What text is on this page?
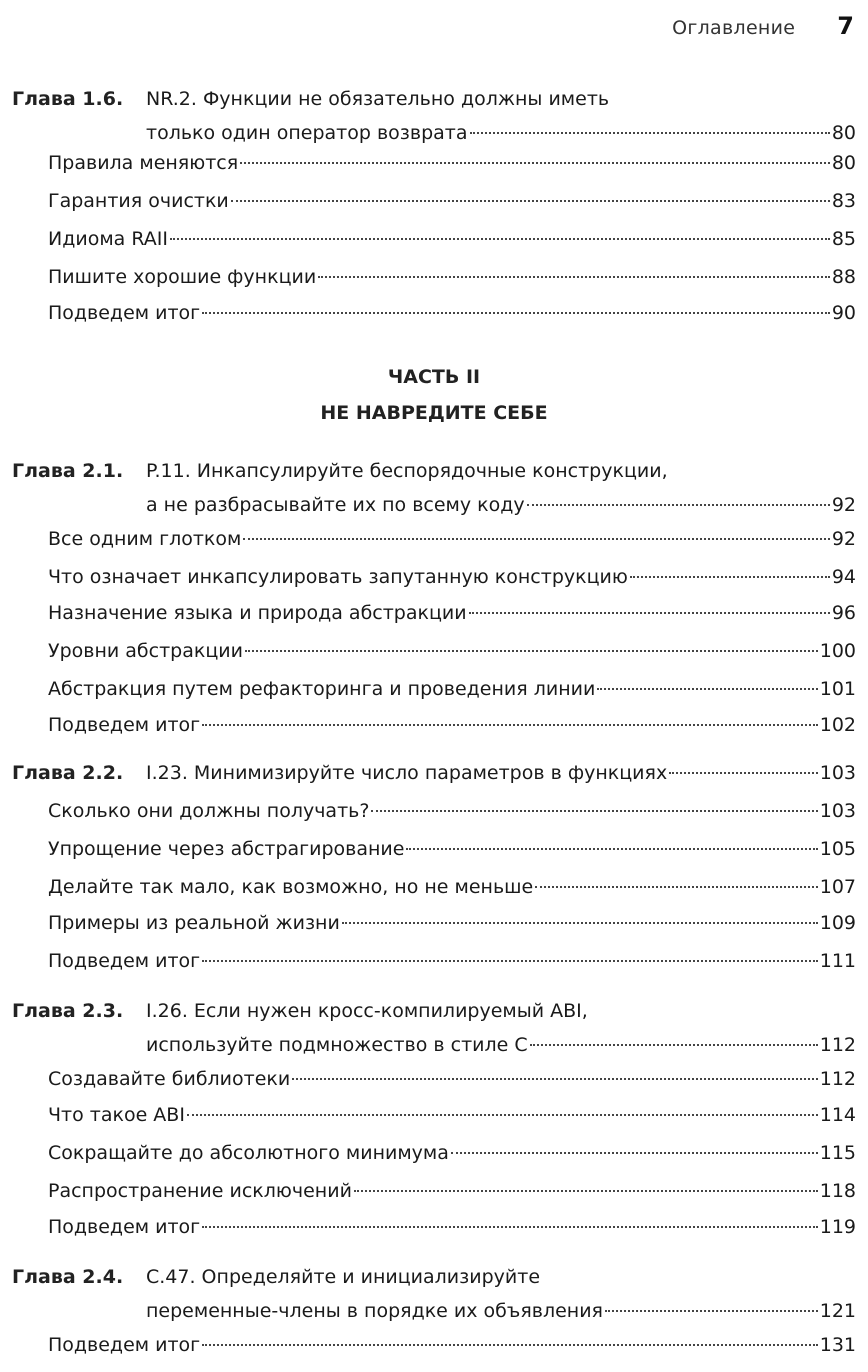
Оглавление 7
Глава 1.6.	NR.2. Функции не обязательно должны иметь
только один оператор возврата	80
Правила меняются	80
Гарантия очистки	83
Идиома RAII	85
Пишите хорошие функции	88
Подведем итог	90
ЧАСТЬ II
НЕ НАВРЕДИТЕ СЕБЕ
Глава 2.1.	P.11. Инкапсулируйте беспорядочные конструкции,
а не разбрасывайте их по всему коду	92
Все одним глотком	92
Что означает инкапсулировать запутанную конструкцию	94
Назначение языка и природа абстракции	96
Уровни абстракции	100
Абстракция путем рефакторинга и проведения линии	101
Подведем итог	102
Глава 2.2.	I.23. Минимизируйте число параметров в функциях	103
Сколько они должны получать?	103
Упрощение через абстрагирование	105
Делайте так мало, как возможно, но не меньше	107
Примеры из реальной жизни	109
Подведем итог	111
Глава 2.3.	I.26. Если нужен кросс-компилируемый ABI,
используйте подмножество в стиле С	112
Создавайте библиотеки	112
Что такое ABI	114
Сокращайте до абсолютного минимума	115
Распространение исключений	118
Подведем итог	119
Глава 2.4.	C.47. Определяйте и инициализируйте
переменные-члены в порядке их объявления	121
Подведем итог	131
